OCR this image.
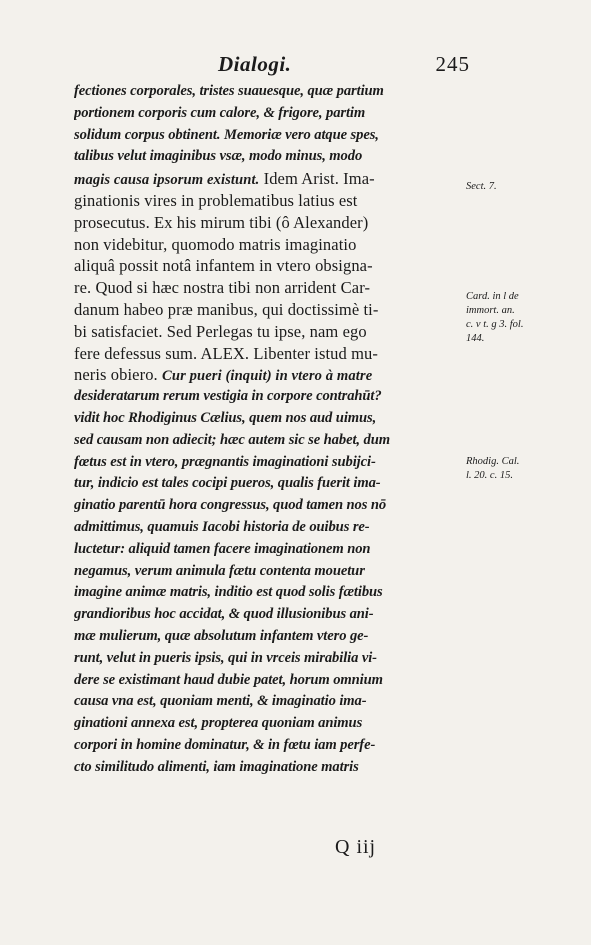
Dialogi.	245
fectiones corporales, tristes suauesque, quæ partium
portionem corporis cum calore, & frigore, partim
solidum corpus obtinent. Memoriæ vero atque spes,
talibus velut imaginibus vsæ, modo minus, modo
magis causa ipsorum existunt. Idem Arist. Ima-
ginationis vires in problematibus latius est
prosecutus. Ex his mirum tibi (ô Alexander)
non videbitur, quomodo matris imaginatio
aliquâ possit notâ infantem in vtero obsigna-
re. Quod si hæc nostra tibi non arrident Car-
danum habeo præ manibus, qui doctissimè ti-
bi satisfaciet. Sed Perlegas tu ipse, nam ego
fere defessus sum. ALEX. Libenter istud mu-
neris obiero. Cur pueri (inquit) in vtero à matre
desideratarum rerum vestigia in corpore contrahūt?
vidit hoc Rhodiginus Cælius, quem nos aud uimus,
sed causam non adiecit; hæc autem sic se habet, dum
fœtus est in vtero, prægnantis imaginationi subijci-
tur, indicio est tales cocipi pueros, qualis fuerit ima-
ginatio parentū hora congressus, quod tamen nos nō
admittimus, quamuis Iacobi historia de ouibus re-
luctetur: aliquid tamen facere imaginationem non
negamus, verum animula fætu contenta mouetur
imagine animæ matris, inditio est quod solis fætibus
grandioribus hoc accidat, & quod illusionibus ani-
mæ mulierum, quæ absolutum infantem vtero ge-
runt, velut in pueris ipsis, qui in vrceis mirabilia vi-
dere se existimant haud dubie patet, horum omnium
causa vna est, quoniam menti, & imaginatio ima-
ginationi annexa est, propterea quoniam animus
corpori in homine dominatur, & in fœtu iam perfe-
cto similitudo alimenti, iam imaginatione matris
Sect. 7.
Card. in l de
immort. an.
c. v t. g 3. fol.
144.
Rhodig. Cal.
l. 20. c. 15.
Q iij
